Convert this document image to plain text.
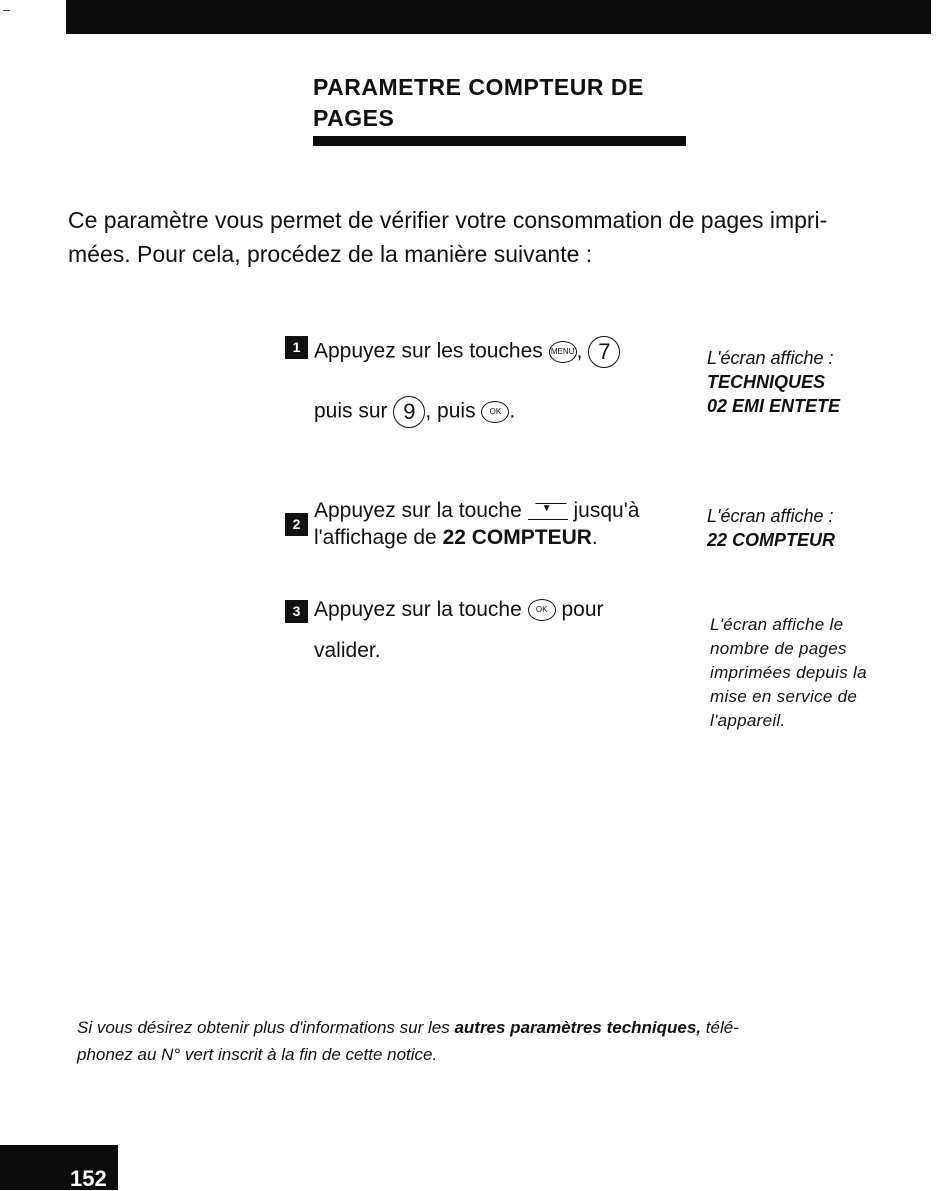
PARAMETRE COMPTEUR DE
PAGES
Ce paramètre vous permet de vérifier votre consommation de pages impri-
mées. Pour cela, procédez de la manière suivante :
1 Appuyez sur les touches MENU , 7
puis sur 9 , puis OK .
L'écran affiche :
TECHNIQUES
02 EMI ENTETE
2
Appuyez sur la touche ▼ jusqu'à
l'affichage de 22 COMPTEUR.
L'écran affiche :
22 COMPTEUR
3 Appuyez sur la touche OK pour
valider.
L'écran affiche le
nombre de pages
imprimées depuis la
mise en service de
l'appareil.
Si vous désirez obtenir plus d'informations sur les autres paramètres techniques, télé-
phonez au N° vert inscrit à la fin de cette notice.
152
